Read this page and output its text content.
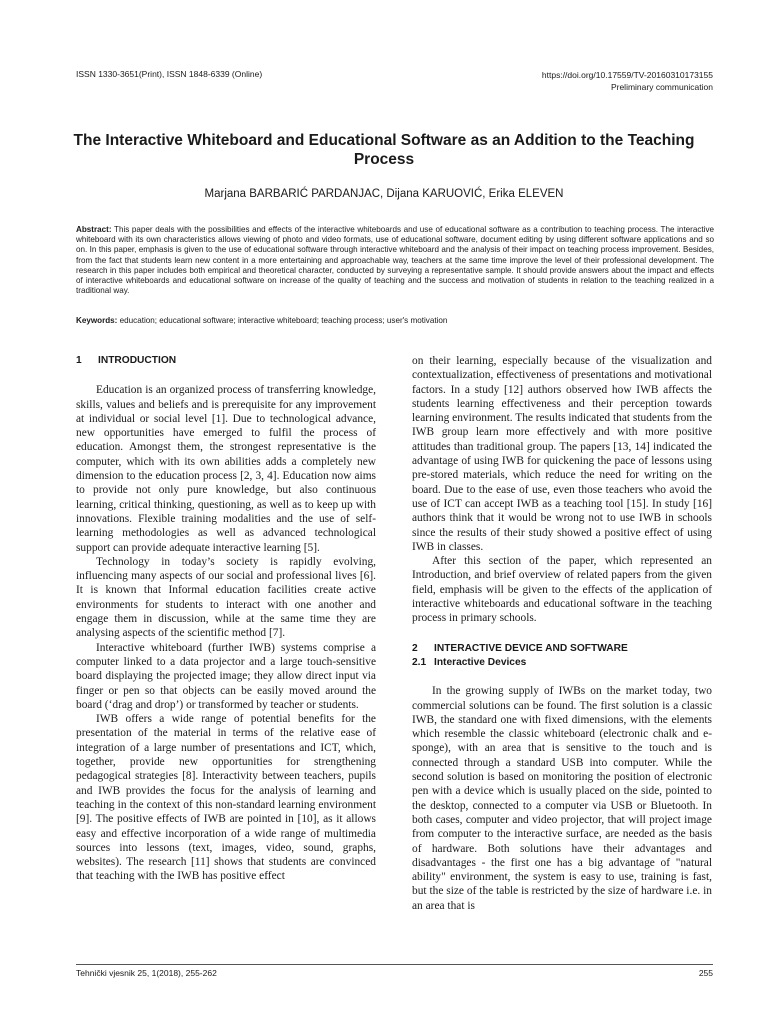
ISSN 1330-3651(Print), ISSN 1848-6339 (Online)	https://doi.org/10.17559/TV-20160310173155
Preliminary communication
The Interactive Whiteboard and Educational Software as an Addition to the Teaching Process
Marjana BARBARIĆ PARDANJAC, Dijana KARUOVIĆ, Erika ELEVEN
Abstract: This paper deals with the possibilities and effects of the interactive whiteboards and use of educational software as a contribution to teaching process. The interactive whiteboard with its own characteristics allows viewing of photo and video formats, use of educational software, document editing by using different software applications and so on. In this paper, emphasis is given to the use of educational software through interactive whiteboard and the analysis of their impact on teaching process improvement. Besides, from the fact that students learn new content in a more entertaining and approachable way, teachers at the same time improve the level of their professional development. The research in this paper includes both empirical and theoretical character, conducted by surveying a representative sample. It should provide answers about the impact and effects of interactive whiteboards and educational software on increase of the quality of teaching and the success and motivation of students in relation to the teaching realized in a traditional way.
Keywords: education; educational software; interactive whiteboard; teaching process; user's motivation
1	INTRODUCTION

Education is an organized process of transferring knowledge, skills, values and beliefs and is prerequisite for any improvement at individual or social level [1]. Due to technological advance, new opportunities have emerged to fulfil the process of education. Amongst them, the strongest representative is the computer, which with its own abilities adds a completely new dimension to the education process [2, 3, 4]. Education now aims to provide not only pure knowledge, but also continuous learning, critical thinking, questioning, as well as to keep up with innovations. Flexible training modalities and the use of self-learning methodologies as well as advanced technological support can provide adequate interactive learning [5].

Technology in today’s society is rapidly evolving, influencing many aspects of our social and professional lives [6]. It is known that Informal education facilities create active environments for students to interact with one another and engage them in discussion, while at the same time they are analysing aspects of the scientific method [7].

Interactive whiteboard (further IWB) systems comprise a computer linked to a data projector and a large touch-sensitive board displaying the projected image; they allow direct input via finger or pen so that objects can be easily moved around the board (‘drag and drop’) or transformed by teacher or students.

IWB offers a wide range of potential benefits for the presentation of the material in terms of the relative ease of integration of a large number of presentations and ICT, which, together, provide new opportunities for strengthening pedagogical strategies [8]. Interactivity between teachers, pupils and IWB provides the focus for the analysis of learning and teaching in the context of this non-standard learning environment [9]. The positive effects of IWB are pointed in [10], as it allows easy and effective incorporation of a wide range of multimedia sources into lessons (text, images, video, sound, graphs, websites). The research [11] shows that students are convinced that teaching with the IWB has positive effect

on their learning, especially because of the visualization and contextualization, effectiveness of presentations and motivational factors. In a study [12] authors observed how IWB affects the students learning effectiveness and their perception towards learning environment. The results indicated that students from the IWB group learn more effectively and with more positive attitudes than traditional group. The papers [13, 14] indicated the advantage of using IWB for quickening the pace of lessons using pre-stored materials, which reduce the need for writing on the board. Due to the ease of use, even those teachers who avoid the use of ICT can accept IWB as a teaching tool [15]. In study [16] authors think that it would be wrong not to use IWB in schools since the results of their study showed a positive effect of using IWB in classes.

After this section of the paper, which represented an Introduction, and brief overview of related papers from the given field, emphasis will be given to the effects of the application of interactive whiteboards and educational software in the teaching process in primary schools.

2	INTERACTIVE DEVICE AND SOFTWARE
2.1 Interactive Devices

In the growing supply of IWBs on the market today, two commercial solutions can be found. The first solution is a classic IWB, the standard one with fixed dimensions, with the elements which resemble the classic whiteboard (electronic chalk and e-sponge), with an area that is sensitive to the touch and is connected through a standard USB into computer. While the second solution is based on monitoring the position of electronic pen with a device which is usually placed on the side, pointed to the desktop, connected to a computer via USB or Bluetooth. In both cases, computer and video projector, that will project image from computer to the interactive surface, are needed as the basis of hardware. Both solutions have their advantages and disadvantages - the first one has a big advantage of "natural ability" environment, the system is easy to use, training is fast, but the size of the table is restricted by the size of hardware i.e. in an area that is

Tehnički vjesnik 25, 1(2018), 255-262	255
